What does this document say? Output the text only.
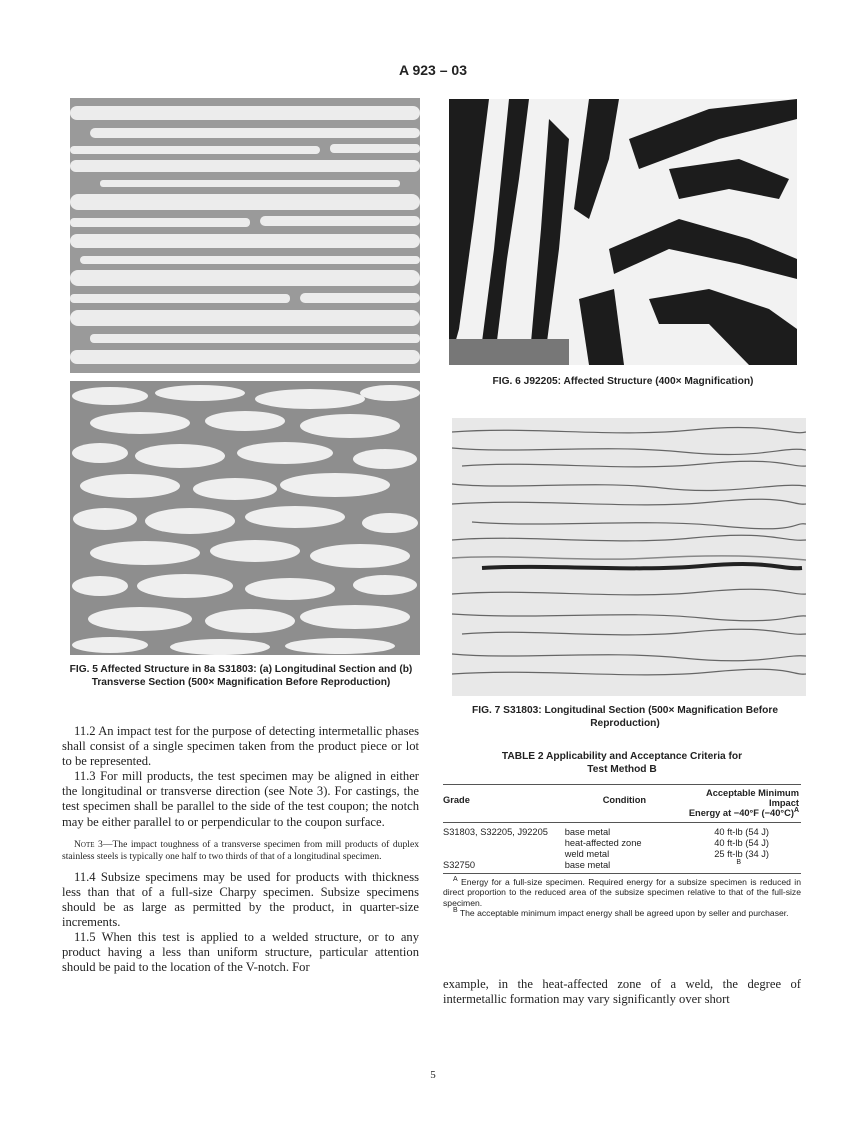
A 923 – 03
FIG. 5 Affected Structure in 8a S31803: (a) Longitudinal Section and (b) Transverse Section (500× Magnification Before Reproduction)
FIG. 6 J92205: Affected Structure (400× Magnification)
FIG. 7 S31803: Longitudinal Section (500× Magnification Before Reproduction)

11.2 An impact test for the purpose of detecting intermetallic phases shall consist of a single specimen taken from the product piece or lot to be represented.

11.3 For mill products, the test specimen may be aligned in either the longitudinal or transverse direction (see Note 3). For castings, the test specimen shall be parallel to the side of the test coupon; the notch may be either parallel to or perpendicular to the coupon surface.

Note 3—The impact toughness of a transverse specimen from mill products of duplex stainless steels is typically one half to two thirds of that of a longitudinal specimen.

11.4 Subsize specimens may be used for products with thickness less than that of a full-size Charpy specimen. Subsize specimens should be as large as permitted by the product, in quarter-size increments.

11.5 When this test is applied to a welded structure, or to any product having a less than uniform structure, particular attention should be paid to the location of the V-notch. For

TABLE 2 Applicability and Acceptance Criteria for
Test Method B
Grade	Condition	Acceptable Minimum Impact
Energy at −40°F $(-40^\circ C)^A$

S31803, S32205, J92205	base metal	40 ft-lb (54 J)
	heat-affected zone	40 ft-lb (54 J)
	weld metal	25 ft-lb (34 J)
S32750	base metal	$^B$
$^A$ Energy for a full-size specimen. Required energy for a subsize specimen is reduced in direct proportion to the reduced area of the subsize specimen relative to that of the full-size specimen.
$^B$ The acceptable minimum impact energy shall be agreed upon by seller and purchaser.

example, in the heat-affected zone of a weld, the degree of intermetallic formation may vary significantly over short

5
